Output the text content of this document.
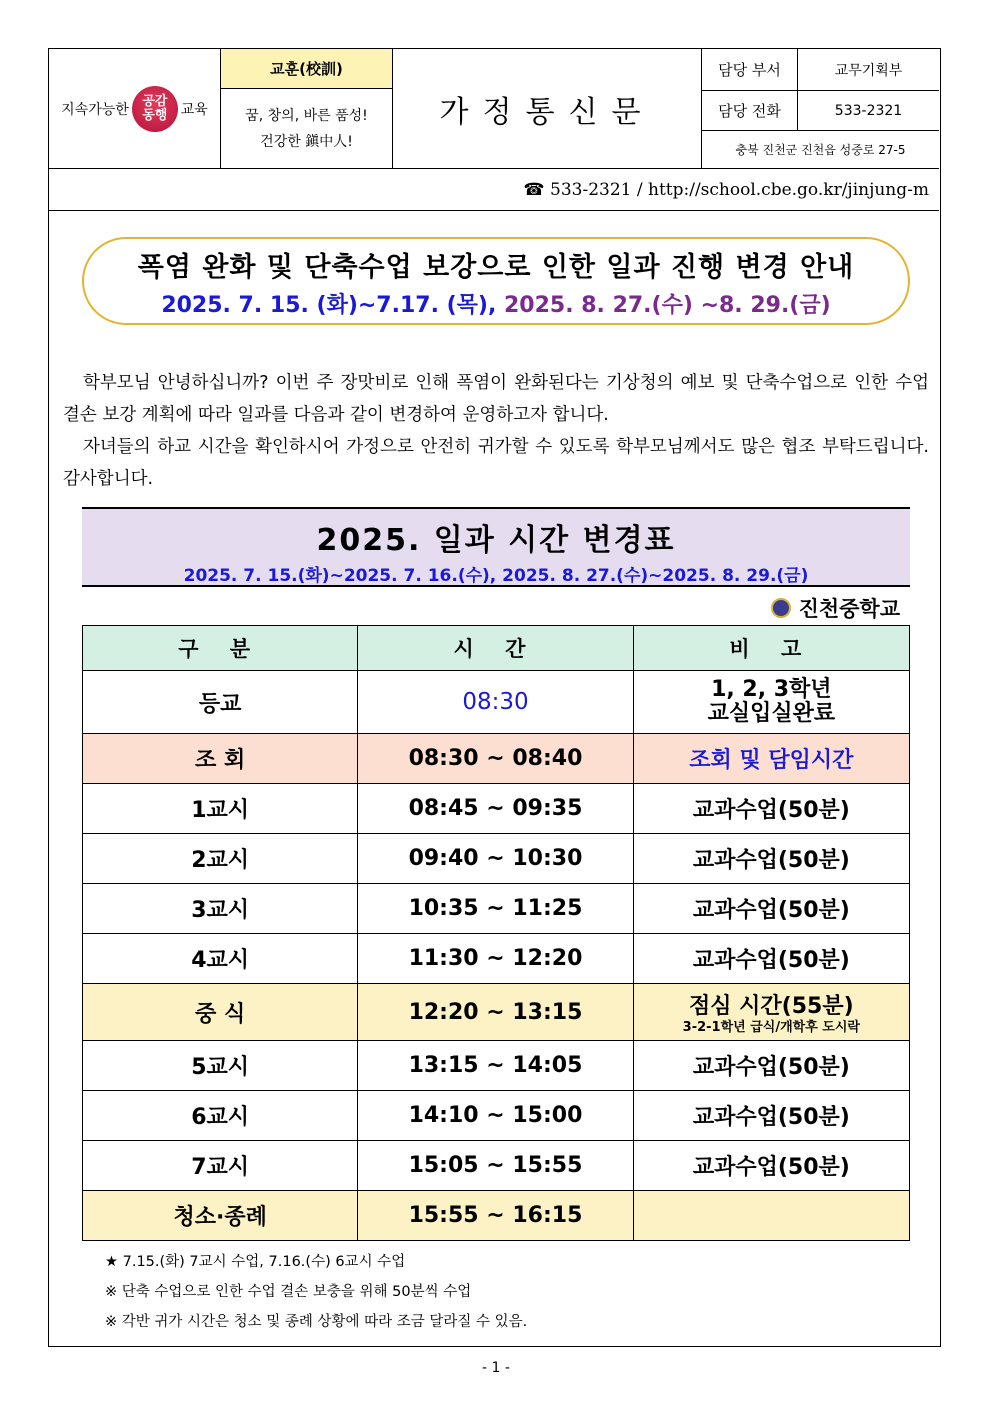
지속가능한
공감
동행 교육
교훈(校訓)
꿈, 창의, 바른 품성!
건강한 鎭中人!
가정통신문
담당 부서	교무기획부
담당 전화	533-2321
충북 진천군 진천읍 성중로 27-5
☎ 533-2321 / http://school.cbe.go.kr/jinjung-m
폭염 완화 및 단축수업 보강으로 인한 일과 진행 변경 안내
2025. 7. 15. (화)~7.17. (목), 2025. 8. 27.(수) ~8. 29.(금)

학부모님 안녕하십니까? 이번 주 장맛비로 인해 폭염이 완화된다는 기상청의 예보 및 단축수업으로 인한 수업 결손 보강 계획에 따라 일과를 다음과 같이 변경하여 운영하고자 합니다.

자녀들의 하교 시간을 확인하시어 가정으로 안전히 귀가할 수 있도록 학부모님께서도 많은 협조 부탁드립니다. 감사합니다.

2025. 일과 시간 변경표
2025. 7. 15.(화)~2025. 7. 16.(수), 2025. 8. 27.(수)~2025. 8. 29.(금)
진천중학교
구 분	시 간	비 고
등교	08:30	1, 2, 3학년
교실입실완료
조 회	08:30 ~ 08:40	조회 및 담임시간
1교시	08:45 ~ 09:35	교과수업(50분)
2교시	09:40 ~ 10:30	교과수업(50분)
3교시	10:35 ~ 11:25	교과수업(50분)
4교시	11:30 ~ 12:20	교과수업(50분)
중 식	12:20 ~ 13:15	점심 시간(55분)
3-2-1학년 급식/개학후 도시락

5교시	13:15 ~ 14:05	교과수업(50분)
6교시	14:10 ~ 15:00	교과수업(50분)
7교시	15:05 ~ 15:55	교과수업(50분)
청소·종례	15:55 ~ 16:15	
★ 7.15.(화) 7교시 수업, 7.16.(수) 6교시 수업
※ 단축 수업으로 인한 수업 결손 보충을 위해 50분씩 수업
※ 각반 귀가 시간은 청소 및 종례 상황에 따라 조금 달라질 수 있음.
- 1 -
